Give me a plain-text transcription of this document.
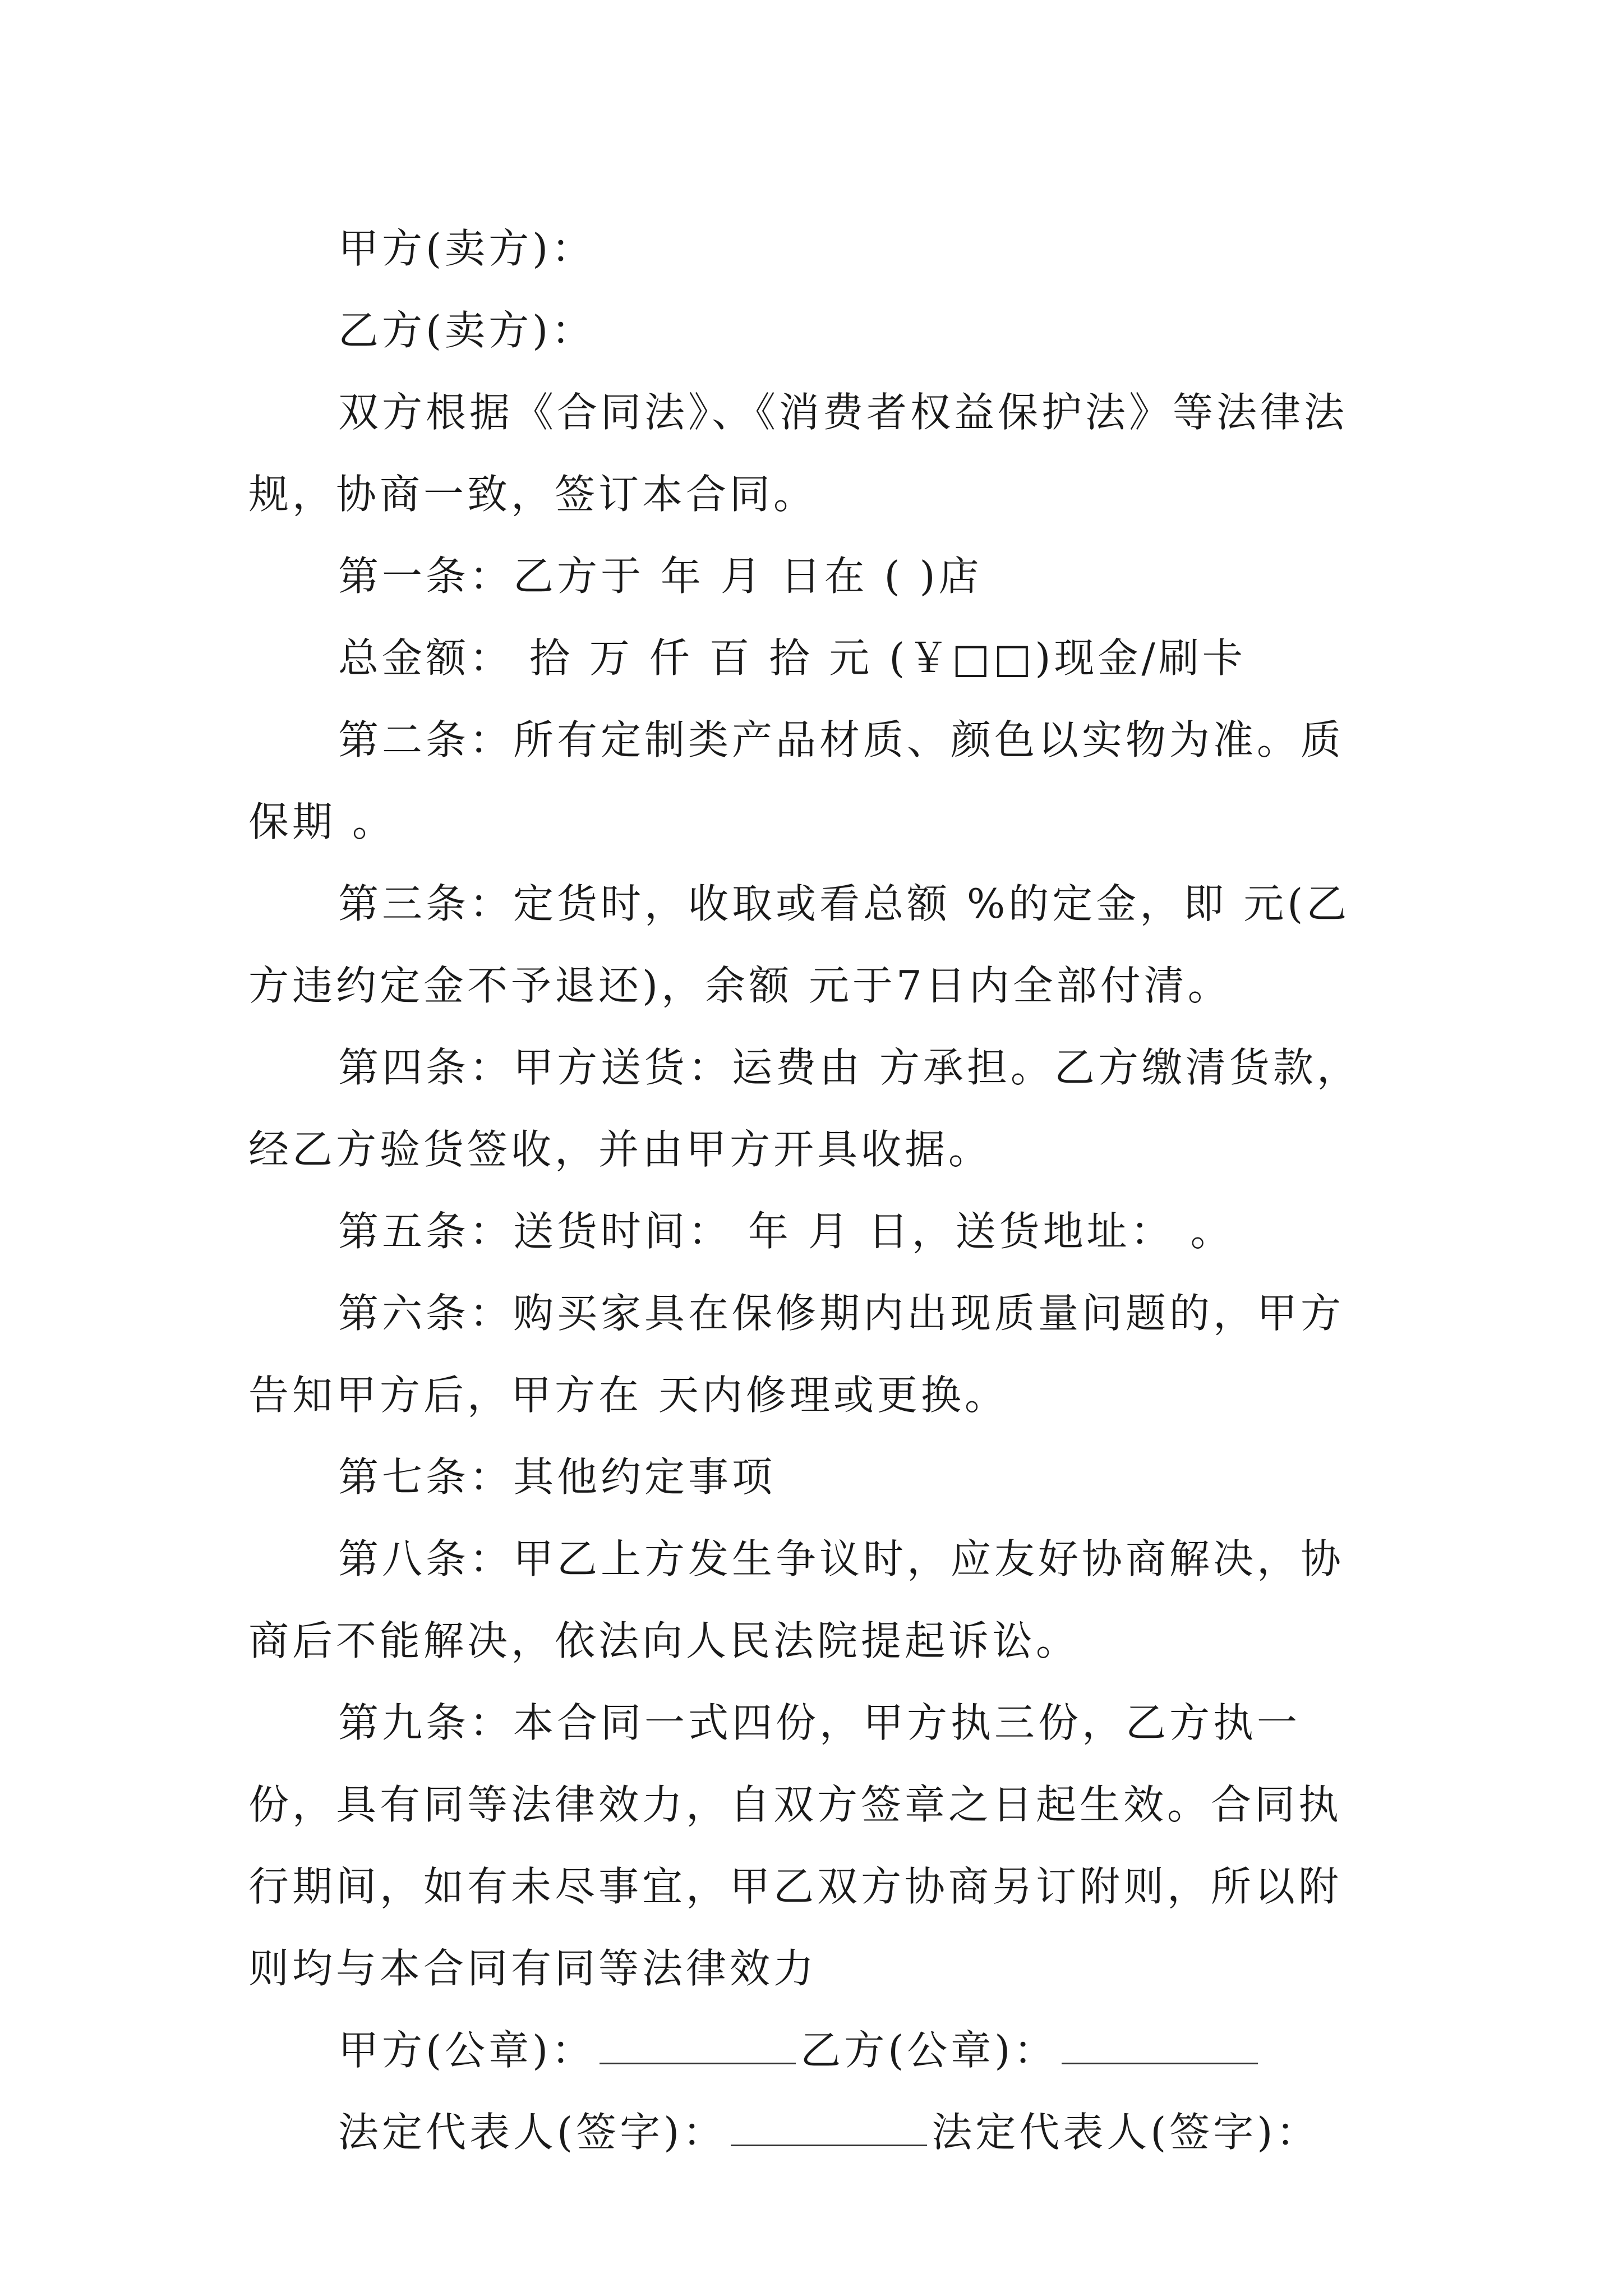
甲方(卖方)：

乙方(卖方)：

双方根据《合同法》、《消费者权益保护法》等法律法规，协商一致，签订本合同。

第一条：乙方于 年 月 日在 ( )店

总金额： 拾 万 仟 百 拾 元 (￥□□)现金/刷卡

第二条：所有定制类产品材质、颜色以实物为准。质保期 。

第三条：定货时，收取或看总额 %的定金，即 元(乙方违约定金不予退还)，余额 元于7日内全部付清。

第四条：甲方送货：运费由 方承担。乙方缴清货款，经乙方验货签收，并由甲方开具收据。

第五条：送货时间： 年 月 日，送货地址： 。

第六条：购买家具在保修期内出现质量问题的，甲方告知甲方后，甲方在 天内修理或更换。

第七条：其他约定事项

第八条：甲乙上方发生争议时，应友好协商解决，协商后不能解决，依法向人民法院提起诉讼。

第九条：本合同一式四份，甲方执三份，乙方执一份，具有同等法律效力，自双方签章之日起生效。合同执行期间，如有未尽事宜，甲乙双方协商另订附则，所以附则均与本合同有同等法律效力

甲方(公章)：	乙方(公章)：

法定代表人(签字)：	法定代表人(签字)：
